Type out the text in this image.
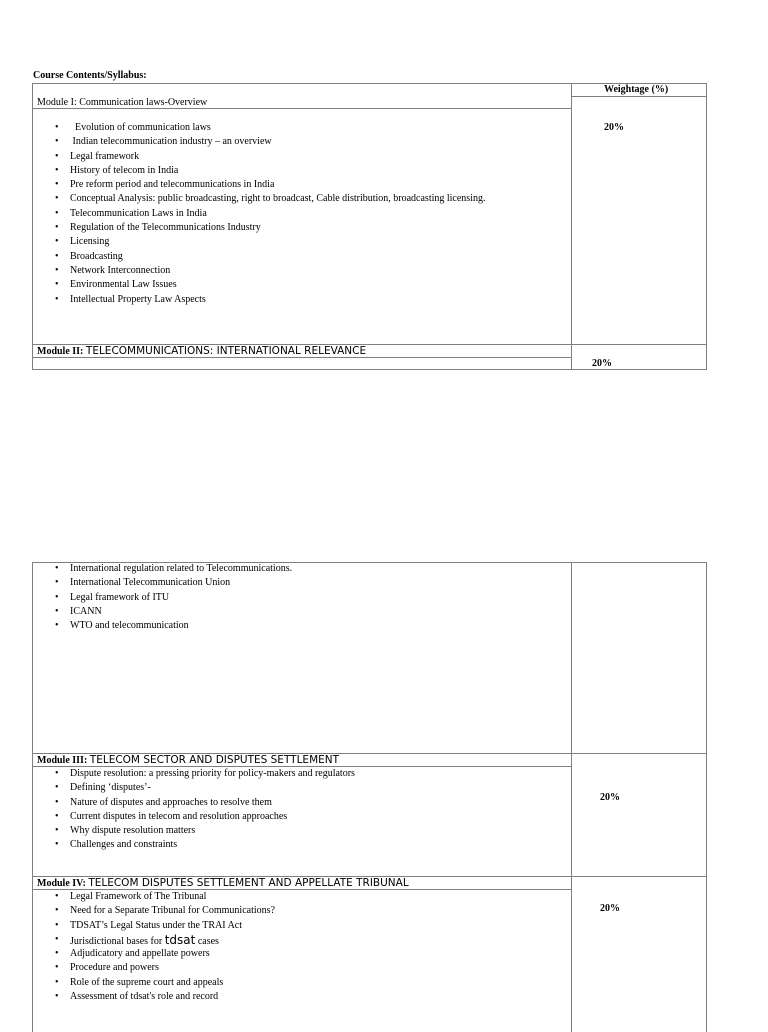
Course Contents/Syllabus:
Weightage (%)
Module I: Communication laws-Overview
20%
•   Evolution of communication laws
•  Indian telecommunication industry – an overview
• Legal framework
• History of telecom in India
• Pre reform period and telecommunications in India
• Conceptual Analysis: public broadcasting, right to broadcast, Cable distribution, broadcasting licensing.
• Telecommunication Laws in India
• Regulation of the Telecommunications Industry
• Licensing
• Broadcasting
• Network Interconnection
• Environmental Law Issues
• Intellectual Property Law Aspects
Module II: TELECOMMUNICATIONS: INTERNATIONAL RELEVANCE
20%
• International regulation related to Telecommunications.
• International Telecommunication Union
• Legal framework of ITU
• ICANN
• WTO and telecommunication
Module III: TELECOM SECTOR AND DISPUTES SETTLEMENT
20%
• Dispute resolution: a pressing priority for policy-makers and regulators
• Defining ‘disputes’-
• Nature of disputes and approaches to resolve them
• Current disputes in telecom and resolution approaches
• Why dispute resolution matters
• Challenges and constraints
Module IV: TELECOM DISPUTES SETTLEMENT AND APPELLATE TRIBUNAL
20%
• Legal Framework of The Tribunal
• Need for a Separate Tribunal for Communications?
• TDSAT’s Legal Status under the TRAI Act
• Jurisdictional bases for tdsat cases
• Adjudicatory and appellate powers
• Procedure and powers
• Role of the supreme court and appeals
• Assessment of tdsat's role and record
